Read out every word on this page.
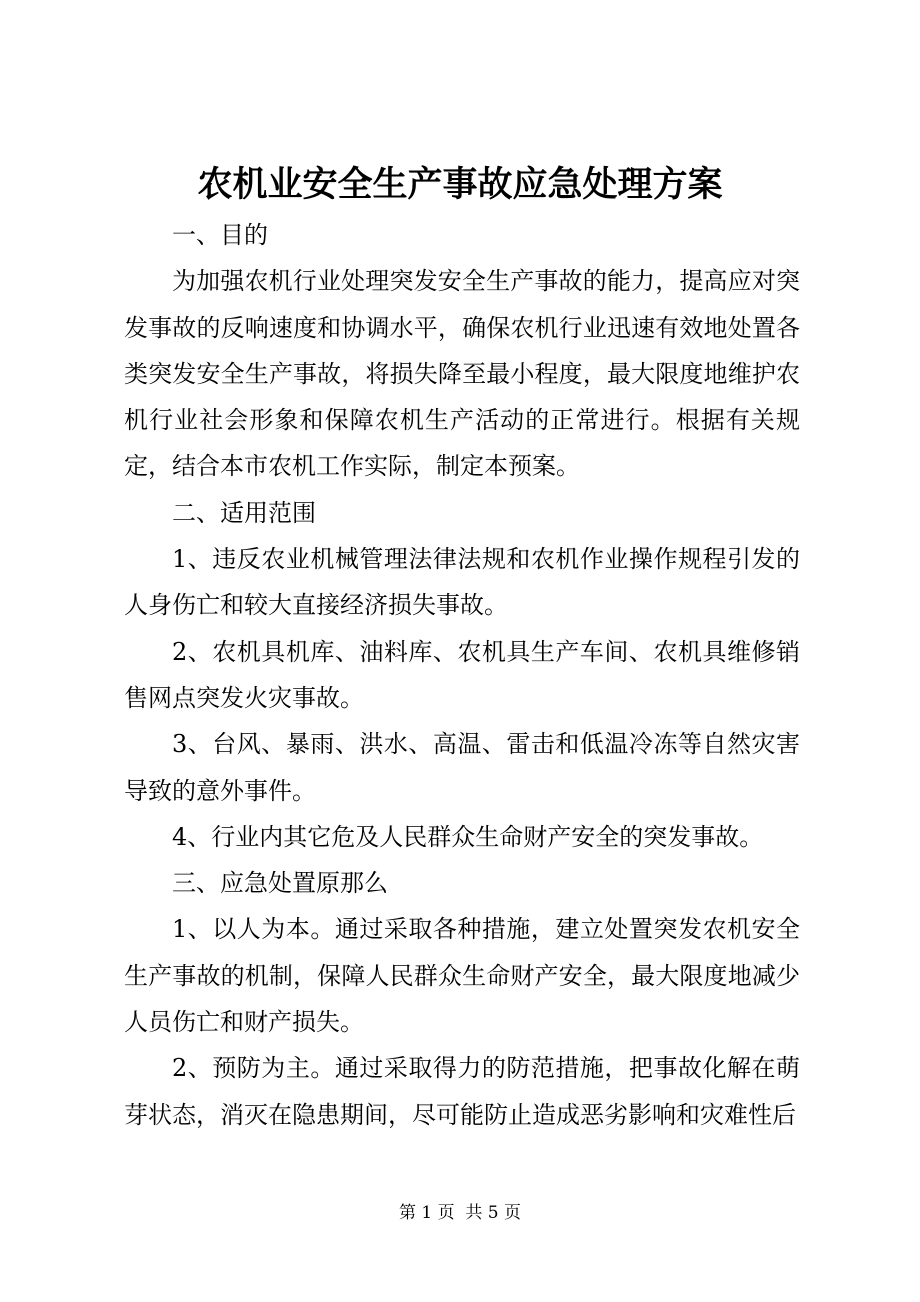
农机业安全生产事故应急处理方案

一、目的

为加强农机行业处理突发安全生产事故的能力，提高应对突发事故的反响速度和协调水平，确保农机行业迅速有效地处置各类突发安全生产事故，将损失降至最小程度，最大限度地维护农机行业社会形象和保障农机生产活动的正常进行。根据有关规定，结合本市农机工作实际，制定本预案。

二、适用范围

1、违反农业机械管理法律法规和农机作业操作规程引发的人身伤亡和较大直接经济损失事故。

2、农机具机库、油料库、农机具生产车间、农机具维修销售网点突发火灾事故。

3、台风、暴雨、洪水、高温、雷击和低温冷冻等自然灾害导致的意外事件。

4、行业内其它危及人民群众生命财产安全的突发事故。

三、应急处置原那么

1、以人为本。通过采取各种措施，建立处置突发农机安全生产事故的机制，保障人民群众生命财产安全，最大限度地减少人员伤亡和财产损失。

2、预防为主。通过采取得力的防范措施，把事故化解在萌芽状态，消灭在隐患期间，尽可能防止造成恶劣影响和灾难性后

第 1 页  共 5 页
